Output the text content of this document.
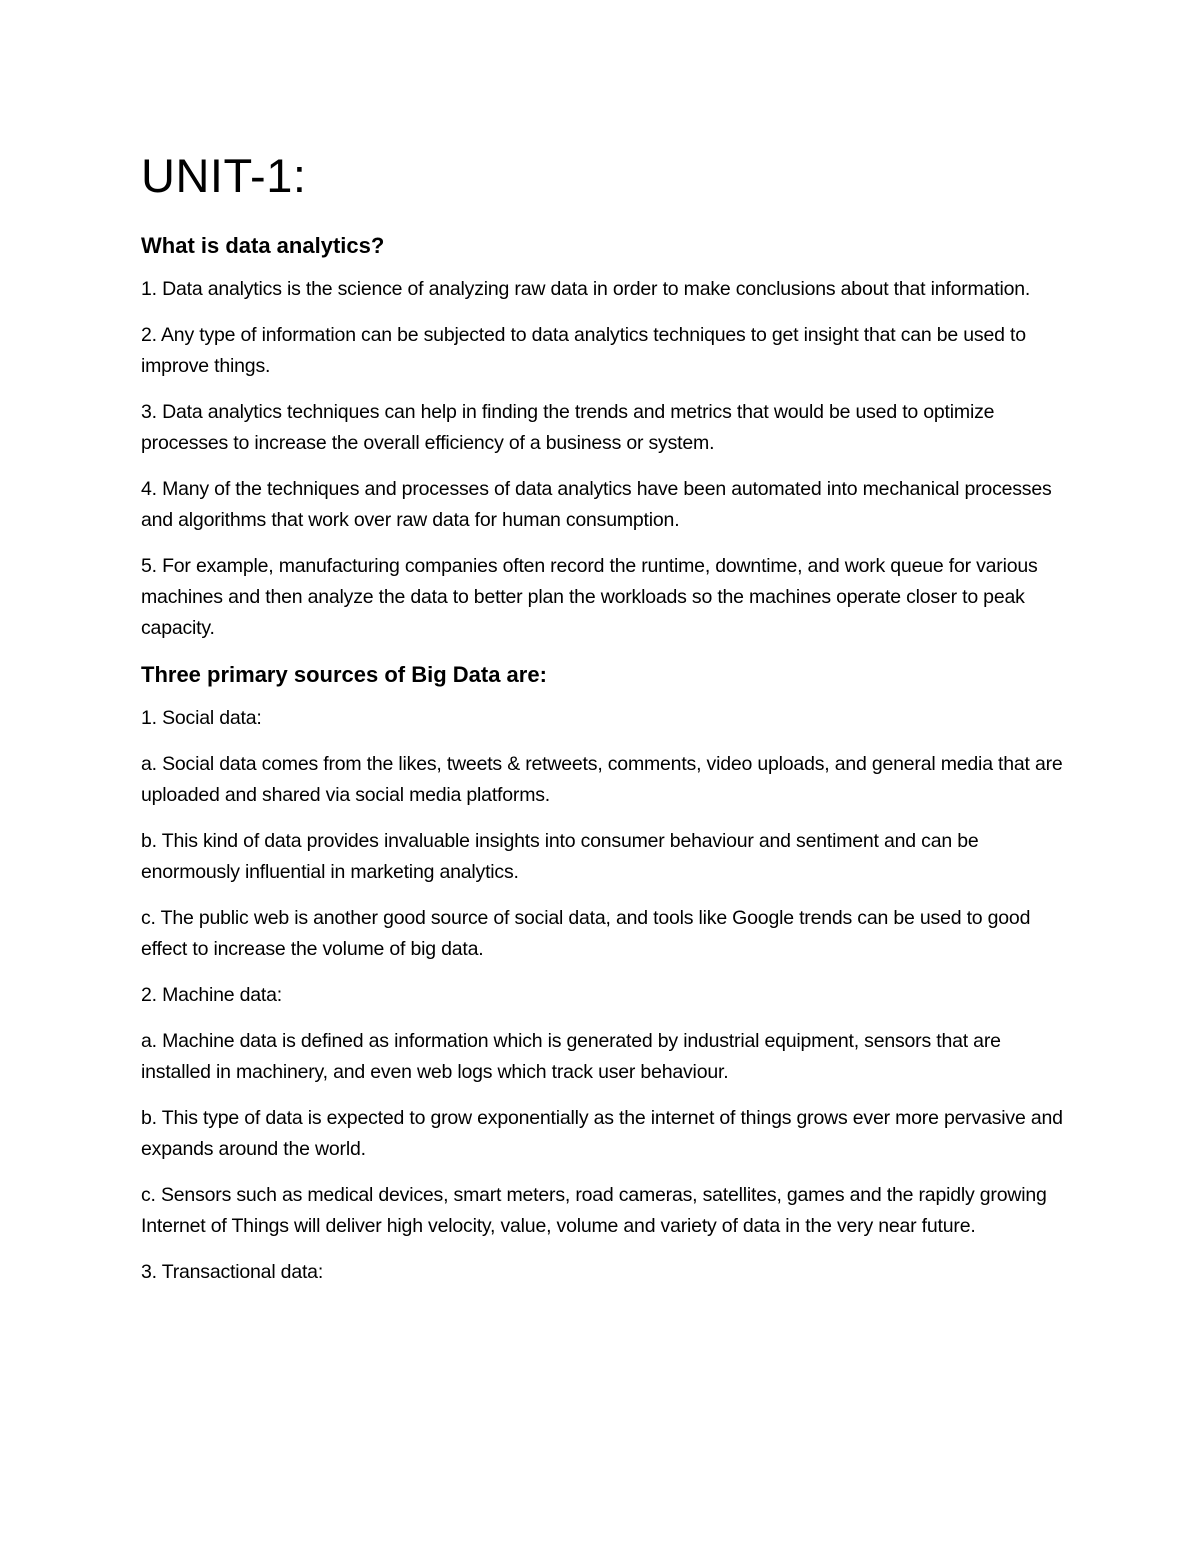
UNIT-1:
What is data analytics?

1. Data analytics is the science of analyzing raw data in order to make conclusions about that information.

2. Any type of information can be subjected to data analytics techniques to get insight that can be used to improve things.

3. Data analytics techniques can help in finding the trends and metrics that would be used to optimize processes to increase the overall efficiency of a business or system.

4. Many of the techniques and processes of data analytics have been automated into mechanical processes and algorithms that work over raw data for human consumption.

5. For example, manufacturing companies often record the runtime, downtime, and work queue for various machines and then analyze the data to better plan the workloads so the machines operate closer to peak capacity.

Three primary sources of Big Data are:

1. Social data:

a. Social data comes from the likes, tweets & retweets, comments, video uploads, and general media that are uploaded and shared via social media platforms.

b. This kind of data provides invaluable insights into consumer behaviour and sentiment and can be enormously influential in marketing analytics.

c. The public web is another good source of social data, and tools like Google trends can be used to good effect to increase the volume of big data.

2. Machine data:

a. Machine data is defined as information which is generated by industrial equipment, sensors that are installed in machinery, and even web logs which track user behaviour.

b. This type of data is expected to grow exponentially as the internet of things grows ever more pervasive and expands around the world.

c. Sensors such as medical devices, smart meters, road cameras, satellites, games and the rapidly growing Internet of Things will deliver high velocity, value, volume and variety of data in the very near future.

3. Transactional data:
